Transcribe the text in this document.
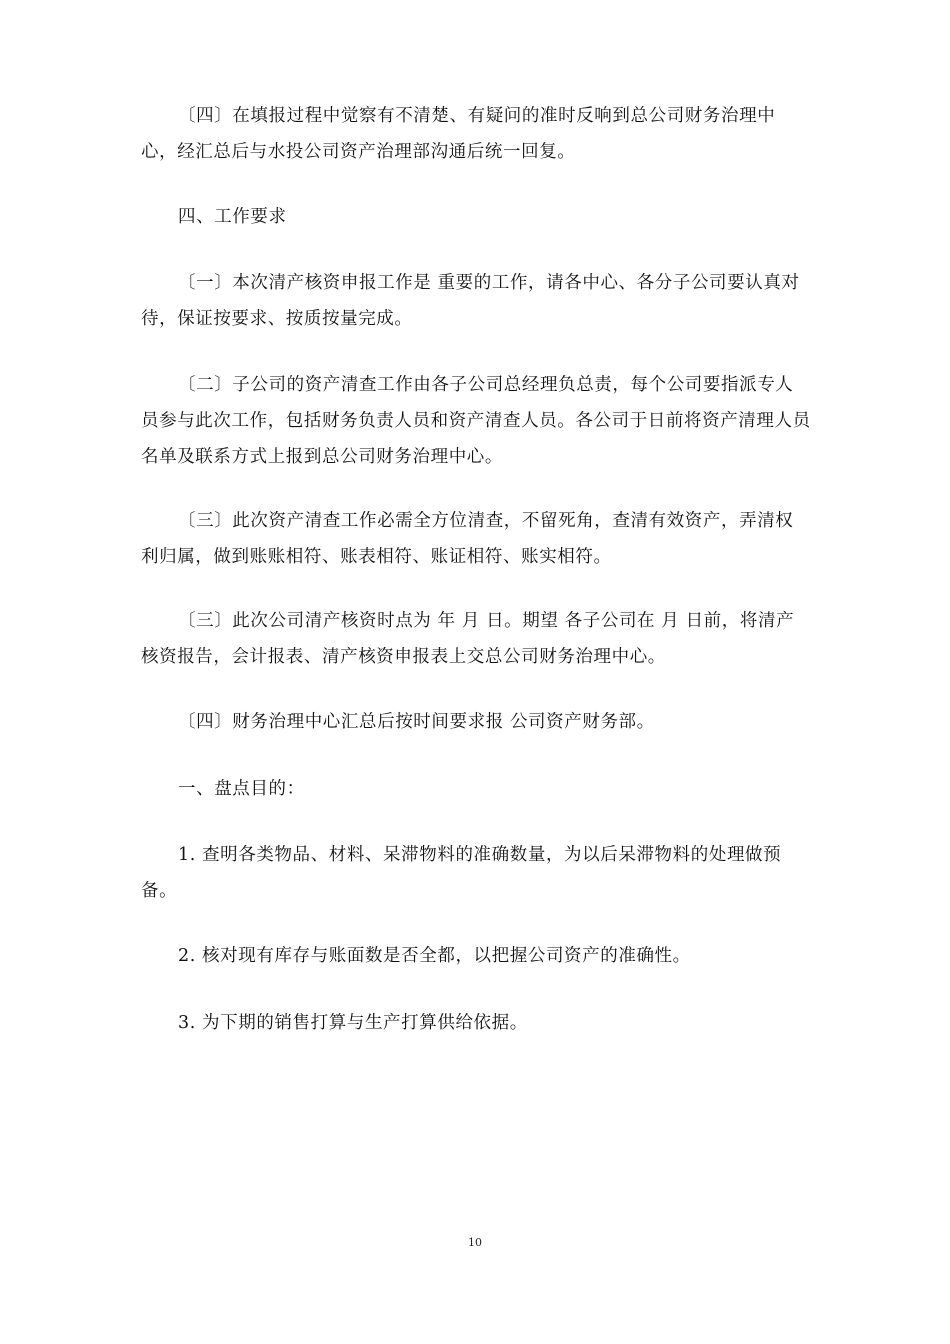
〔四〕在填报过程中觉察有不清楚、有疑问的准时反响到总公司财务治理中心，经汇总后与水投公司资产治理部沟通后统一回复。

四、工作要求

〔一〕本次清产核资申报工作是 重要的工作，请各中心、各分子公司要认真对待，保证按要求、按质按量完成。

〔二〕子公司的资产清查工作由各子公司总经理负总责，每个公司要指派专人员参与此次工作，包括财务负责人员和资产清查人员。各公司于日前将资产清理人员名单及联系方式上报到总公司财务治理中心。

〔三〕此次资产清查工作必需全方位清查，不留死角，查清有效资产，弄清权利归属，做到账账相符、账表相符、账证相符、账实相符。

〔三〕此次公司清产核资时点为 年 月 日。期望 各子公司在 月 日前，将清产核资报告，会计报表、清产核资申报表上交总公司财务治理中心。

〔四〕财务治理中心汇总后按时间要求报 公司资产财务部。

一、盘点目的：

1. 查明各类物品、材料、呆滞物料的准确数量，为以后呆滞物料的处理做预备。

2. 核对现有库存与账面数是否全都，以把握公司资产的准确性。

3. 为下期的销售打算与生产打算供给依据。

10
